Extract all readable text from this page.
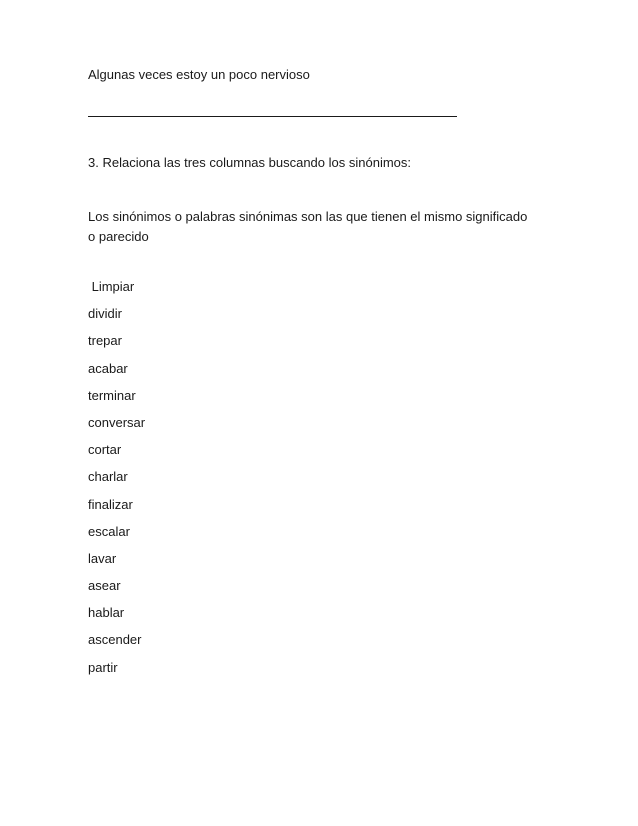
Algunas veces estoy un poco nervioso
3. Relaciona las tres columnas buscando los sinónimos:
Los sinónimos o palabras sinónimas son las que tienen el mismo significado o parecido
Limpiar
dividir
trepar
acabar
terminar
conversar
cortar
charlar
finalizar
escalar
lavar
asear
hablar
ascender
partir
